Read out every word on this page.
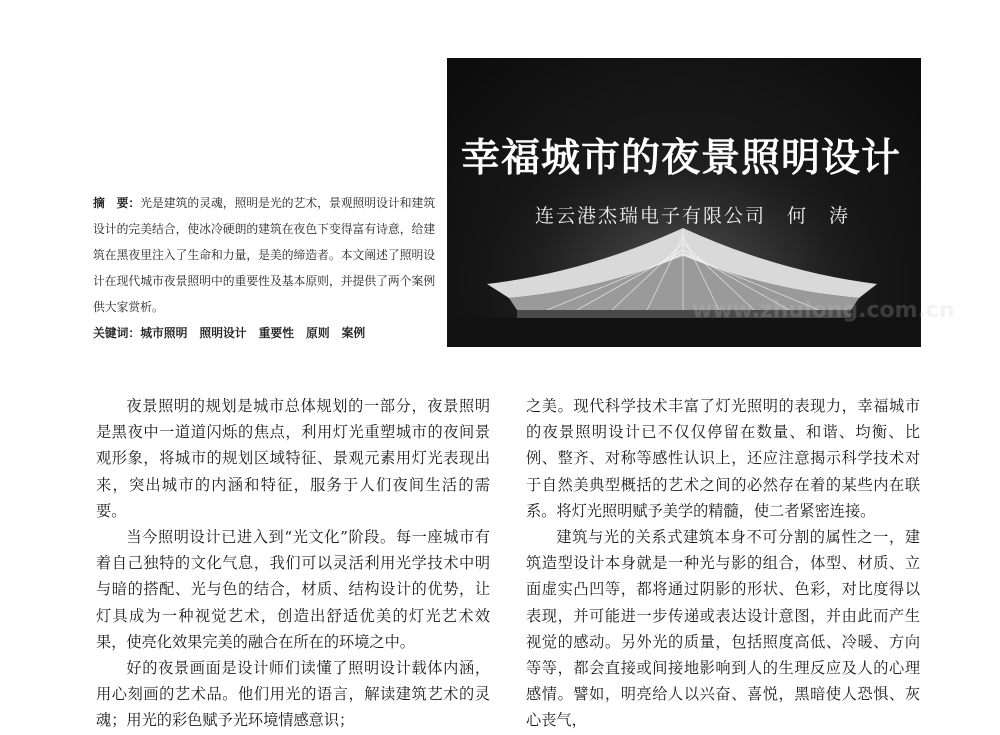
幸福城市的夜景照明设计
连云港杰瑞电子有限公司　何　涛
www.zhulong.com.cn

摘　要：光是建筑的灵魂，照明是光的艺术，景观照明设计和建筑设计的完美结合，使冰冷硬朗的建筑在夜色下变得富有诗意，给建筑在黑夜里注入了生命和力量，是美的缔造者。本文阐述了照明设计在现代城市夜景照明中的重要性及基本原则，并提供了两个案例供大家赏析。

关键词：城市照明 照明设计 重要性 原则 案例

夜景照明的规划是城市总体规划的一部分，夜景照明是黑夜中一道道闪烁的焦点，利用灯光重塑城市的夜间景观形象，将城市的规划区域特征、景观元素用灯光表现出来，突出城市的内涵和特征，服务于人们夜间生活的需要。

当今照明设计已进入到“光文化”阶段。每一座城市有着自己独特的文化气息，我们可以灵活利用光学技术中明与暗的搭配、光与色的结合，材质、结构设计的优势，让灯具成为一种视觉艺术，创造出舒适优美的灯光艺术效果，使亮化效果完美的融合在所在的环境之中。

好的夜景画面是设计师们读懂了照明设计载体内涵，用心刻画的艺术品。他们用光的语言，解读建筑艺术的灵魂；用光的彩色赋予光环境情感意识；

之美。现代科学技术丰富了灯光照明的表现力，幸福城市的夜景照明设计已不仅仅停留在数量、和谐、均衡、比例、整齐、对称等感性认识上，还应注意揭示科学技术对于自然美典型概括的艺术之间的必然存在着的某些内在联系。将灯光照明赋予美学的精髓，使二者紧密连接。

建筑与光的关系式建筑本身不可分割的属性之一，建筑造型设计本身就是一种光与影的组合，体型、材质、立面虚实凸凹等，都将通过阴影的形状、色彩，对比度得以表现，并可能进一步传递或表达设计意图，并由此而产生视觉的感动。另外光的质量，包括照度高低、冷暖、方向等等，都会直接或间接地影响到人的生理反应及人的心理感情。譬如，明亮给人以兴奋、喜悦，黑暗使人恐惧、灰心丧气，
